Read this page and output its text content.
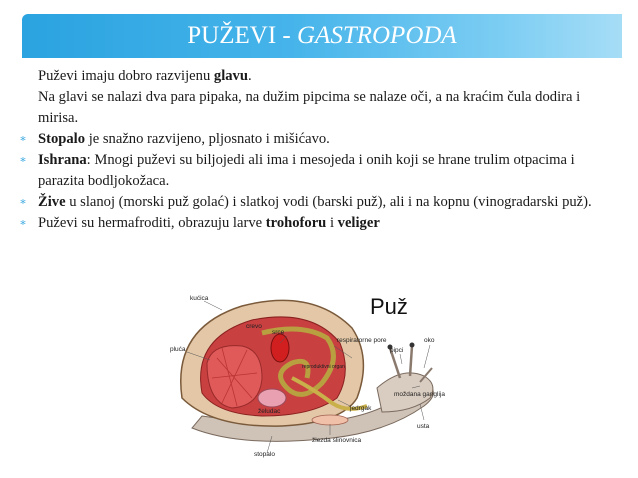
PUŽEVI - GASTROPODA
Puževi imaju dobro razvijenu glavu.
Na glavi se nalazi dva para pipaka, na dužim pipcima se nalaze oči, a na kraćim čula dodira i mirisa.
∗ Stopalo je snažno razvijeno, pljosnato i mišićavo.
∗ Ishrana: Mnogi puževi su biljojedi ali ima i mesojeda i onih koji se hrane trulim otpacima i parazita bodljokožaca.
∗ Žive u slanoj (morski puž golać) i slatkoj vodi (barski puž), ali i na kopnu (vinogradarski puž).
∗ Puževi su hermafroditi, obrazuju larve trohoforu i veliger
Puž
kućica
pluća
srce
crevo
respiratorne pore
pipci
oko
moždana ganglija
usta
jedrgak
žlezda slinovnica
stopalo
želudac
reproduktivni organ
